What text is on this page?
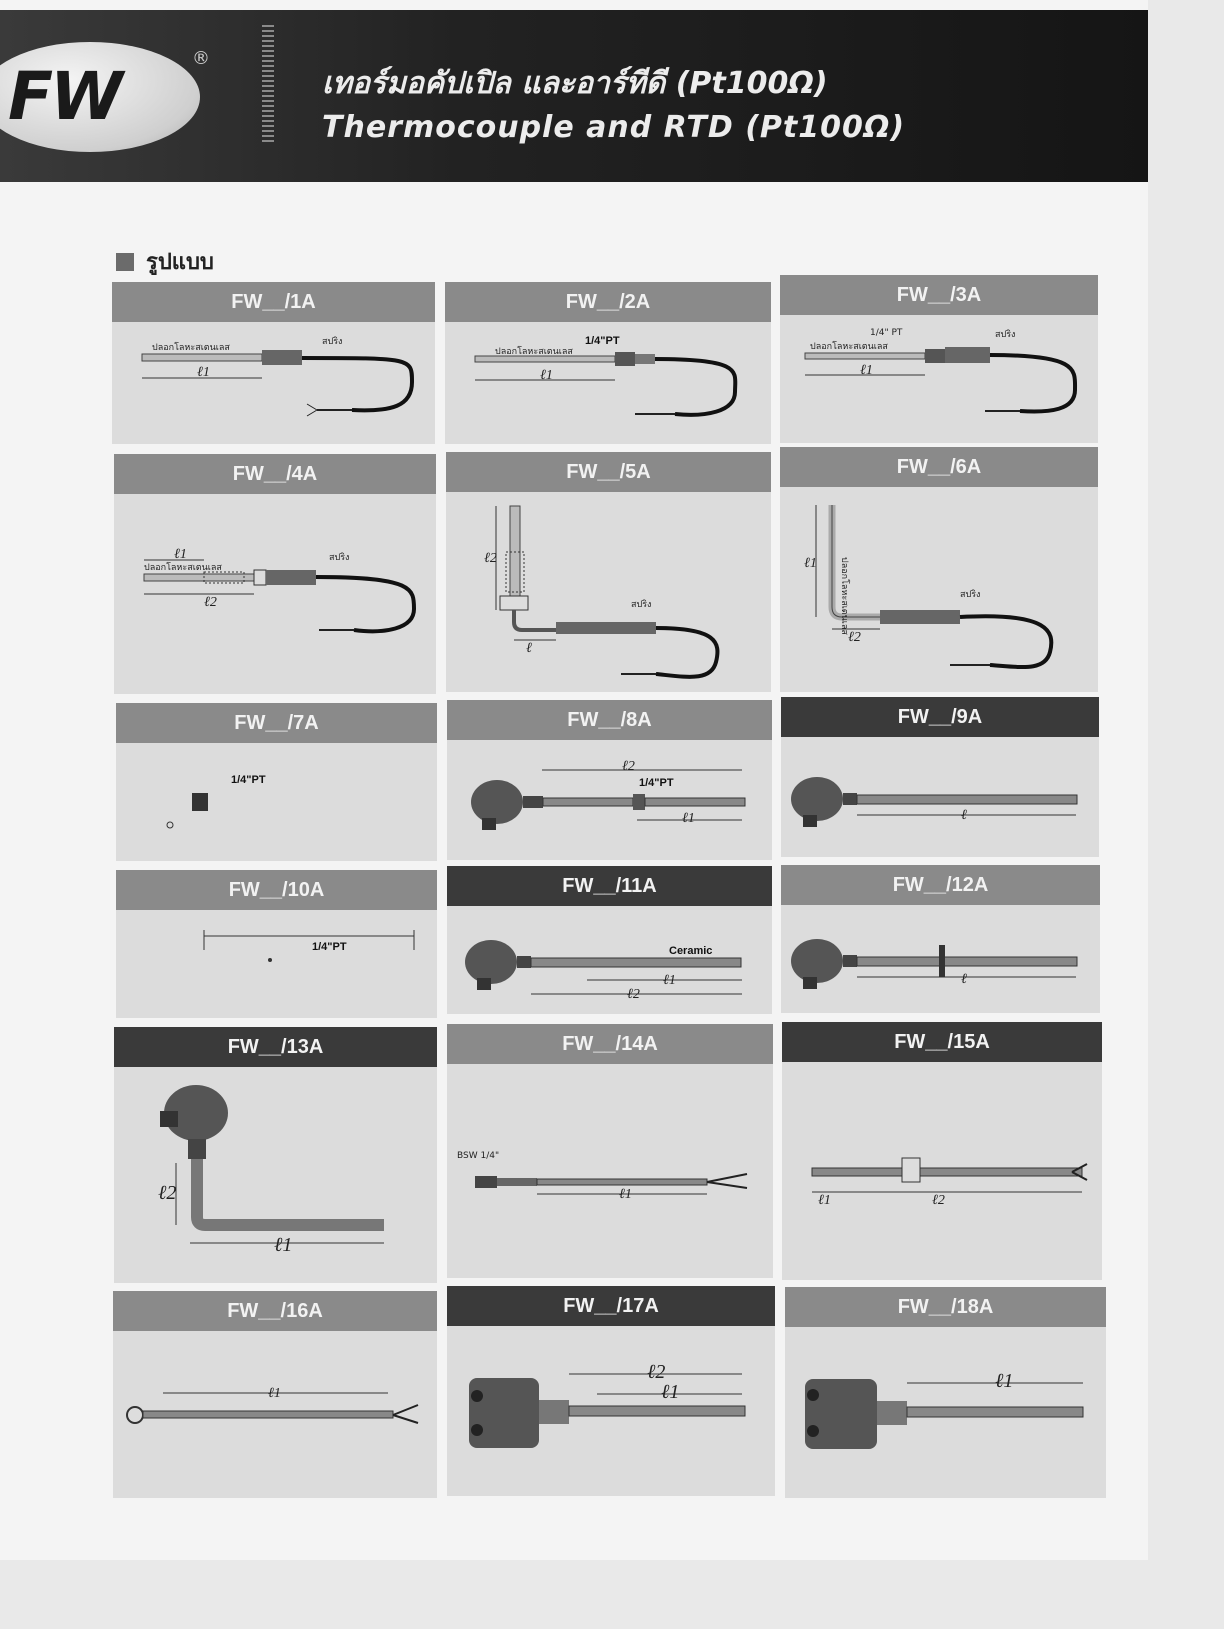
FW	®
เทอร์มอคัปเปิล และอาร์ทีดี (Pt100Ω)
Thermocouple and RTD (Pt100Ω)
รูปแบบ
FW__/1A
ปลอกโลหะสเตนเลส
สปริง
ℓ1
FW__/2A
1/4"PT
ปลอกโลหะสเตนเลส
ℓ1
FW__/3A
1/4" PT	สปริง
ปลอกโลหะสเตนเลส
ℓ1
FW__/4A
ปลอกโลหะสเตนเลส
สปริง
ℓ1
ℓ2
FW__/5A
สปริง
ℓ2
ℓ
FW__/6A
ปลอกโลหะสเตนเลส	สปริง
ℓ1
ℓ2
FW__/7A
1/4"PT
FW__/8A
ℓ2
1/4"PT
ℓ1
FW__/9A
ℓ
FW__/10A
1/4"PT
FW__/11A
Ceramic
ℓ1
ℓ2
FW__/12A
ℓ
FW__/13A
ℓ2
ℓ1
FW__/14A
BSW 1/4"
ℓ1
FW__/15A
ℓ1	ℓ2
FW__/16A
ℓ1
FW__/17A
ℓ2
ℓ1
FW__/18A
ℓ1
